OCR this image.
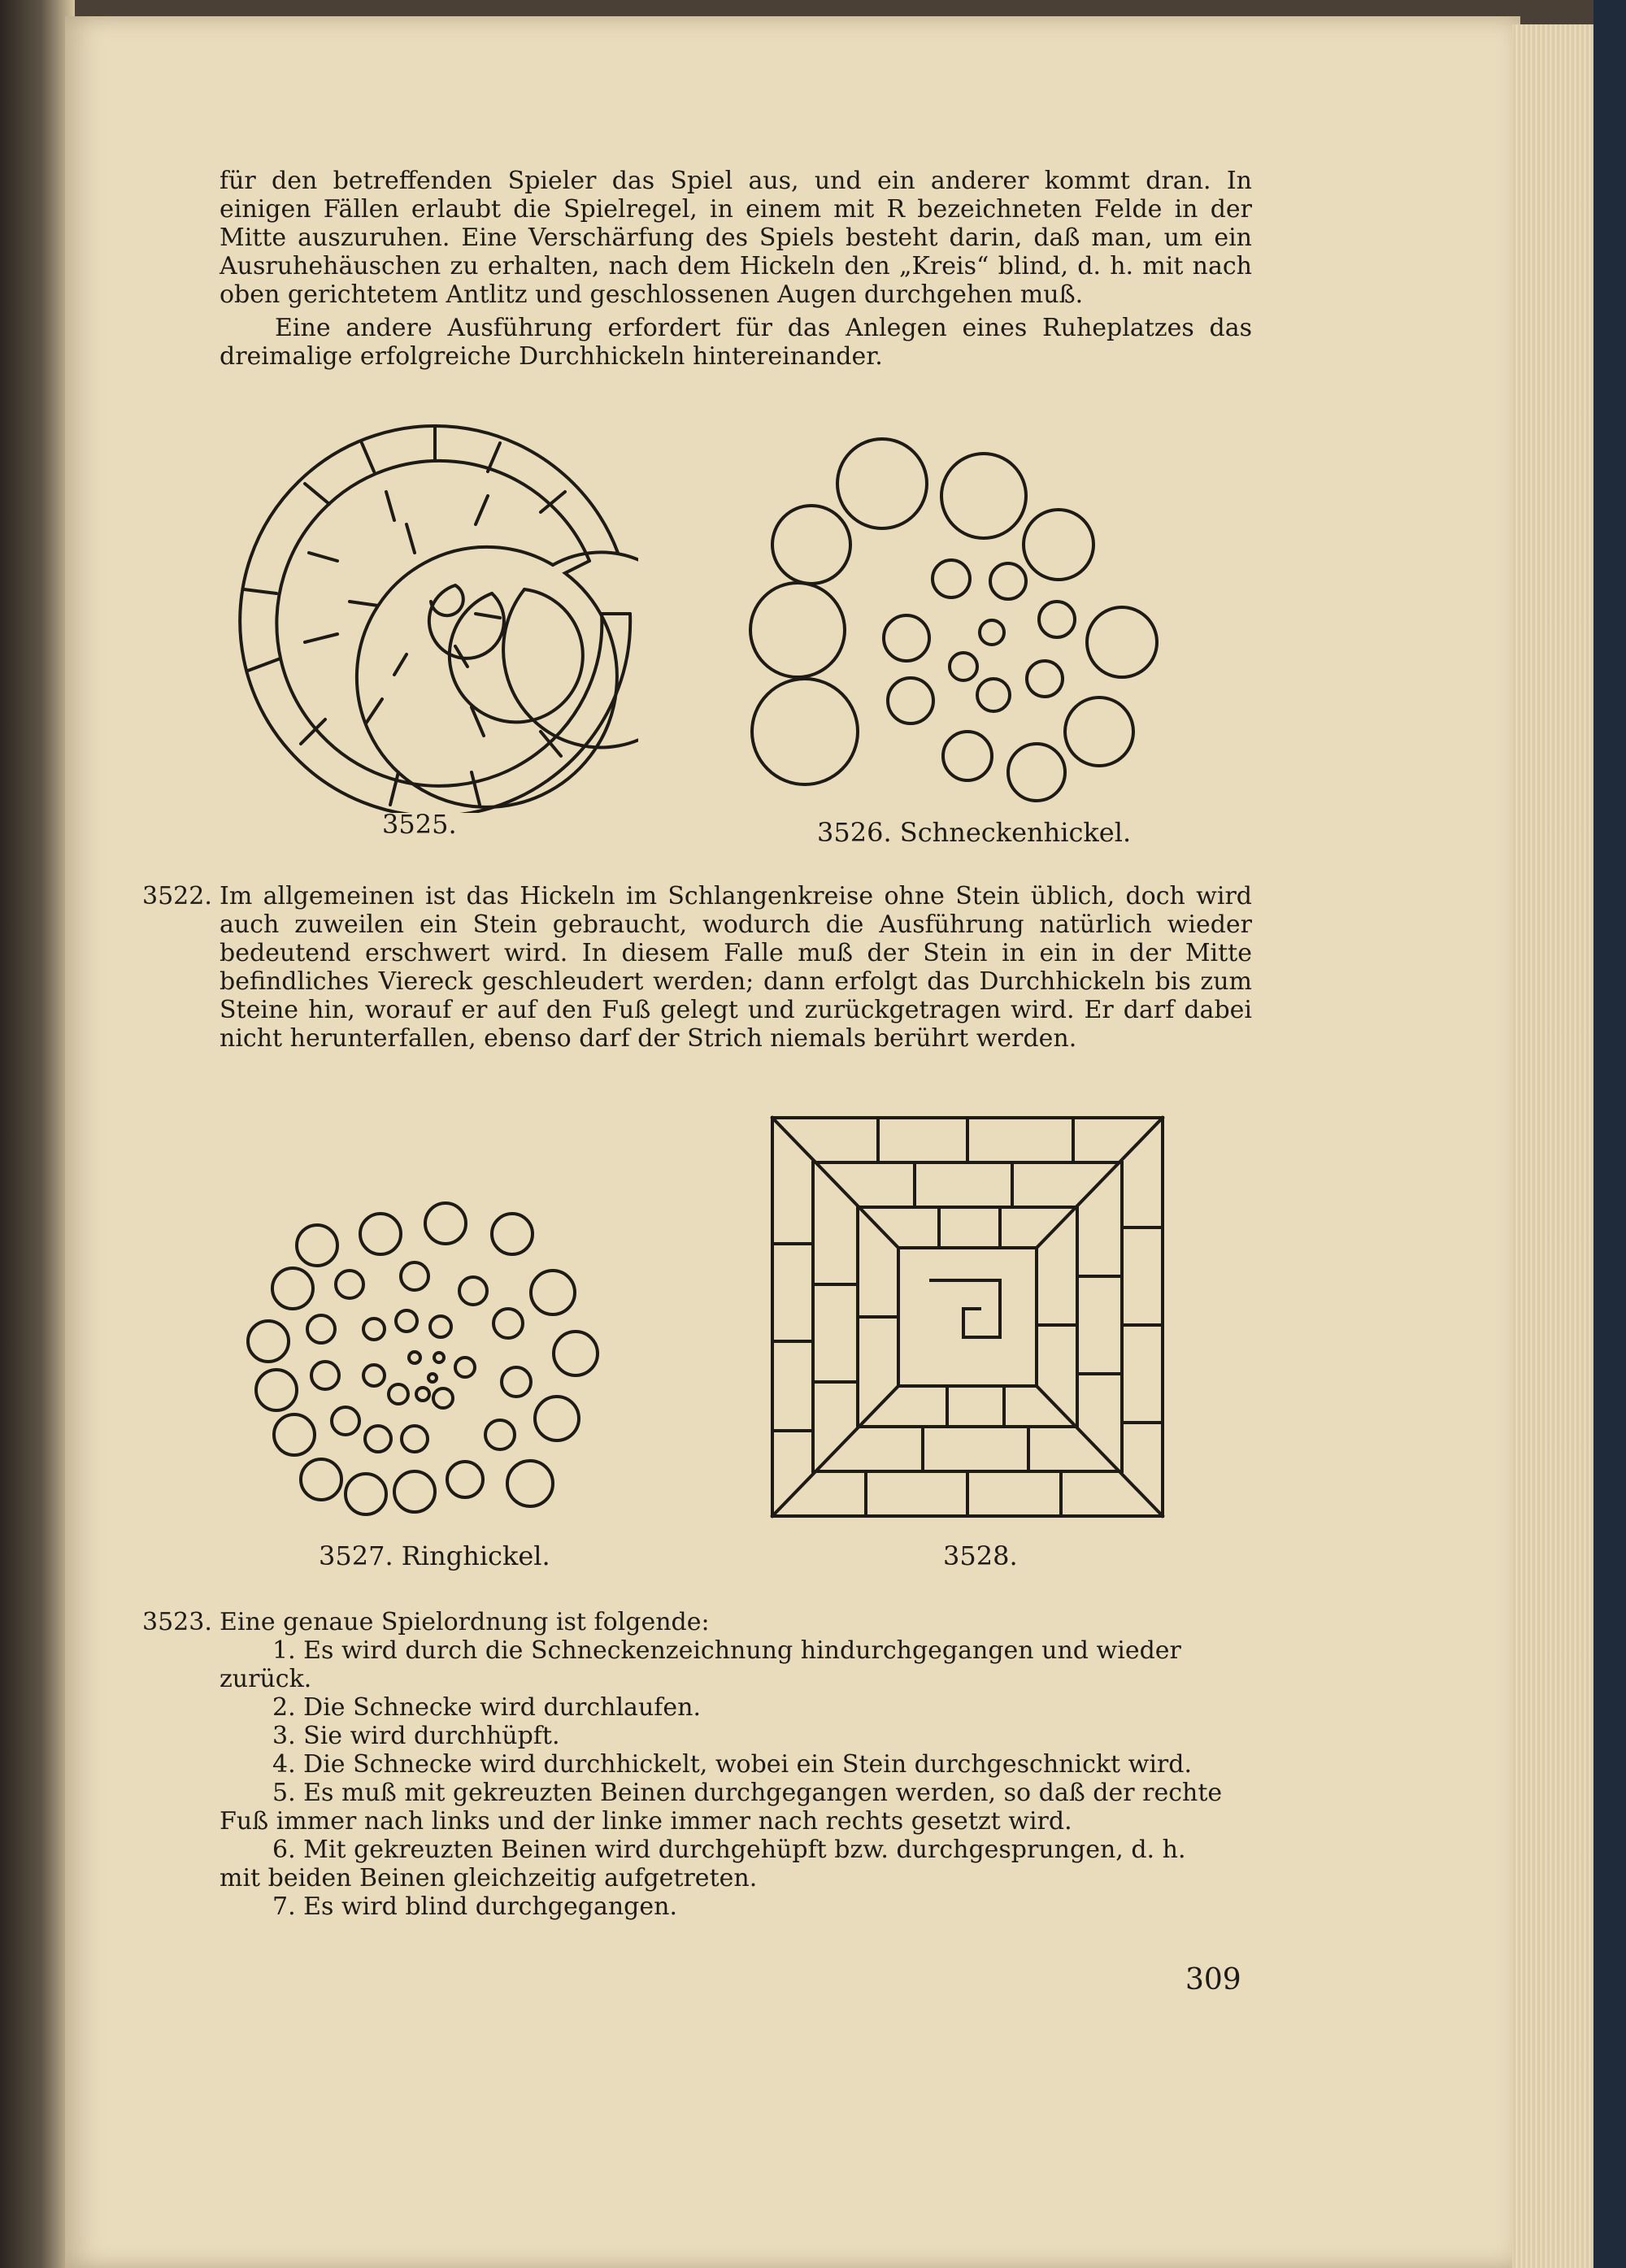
für den betreffenden Spieler das Spiel aus, und ein anderer kommt dran. In einigen Fällen erlaubt die Spielregel, in einem mit R bezeichneten Felde in der Mitte auszuruhen. Eine Verschärfung des Spiels besteht darin, daß man, um ein Ausruhehäuschen zu erhalten, nach dem Hickeln den „Kreis“ blind, d. h. mit nach oben gerichtetem Antlitz und geschlossenen Augen durchgehen muß.

Eine andere Ausführung erfordert für das Anlegen eines Ruheplatzes das dreimalige erfolgreiche Durchhickeln hintereinander.

3525.	3526. Schneckenhickel.

3522. Im allgemeinen ist das Hickeln im Schlangenkreise ohne Stein üblich, doch wird auch zuweilen ein Stein gebraucht, wodurch die Ausführung natürlich wieder bedeutend erschwert wird. In diesem Falle muß der Stein in ein in der Mitte befindliches Viereck geschleudert werden; dann erfolgt das Durchhickeln bis zum Steine hin, worauf er auf den Fuß gelegt und zurückgetragen wird. Er darf dabei nicht herunterfallen, ebenso darf der Strich niemals berührt werden.

3527. Ringhickel.	3528.
3523. Eine genaue Spielordnung ist folgende:
1. Es wird durch die Schneckenzeichnung hindurchgegangen und wieder
zurück.
2. Die Schnecke wird durchlaufen.
3. Sie wird durchhüpft.
4. Die Schnecke wird durchhickelt, wobei ein Stein durchgeschnickt wird.
5. Es muß mit gekreuzten Beinen durchgegangen werden, so daß der rechte
Fuß immer nach links und der linke immer nach rechts gesetzt wird.
6. Mit gekreuzten Beinen wird durchgehüpft bzw. durchgesprungen, d. h.
mit beiden Beinen gleichzeitig aufgetreten.
7. Es wird blind durchgegangen.
309
